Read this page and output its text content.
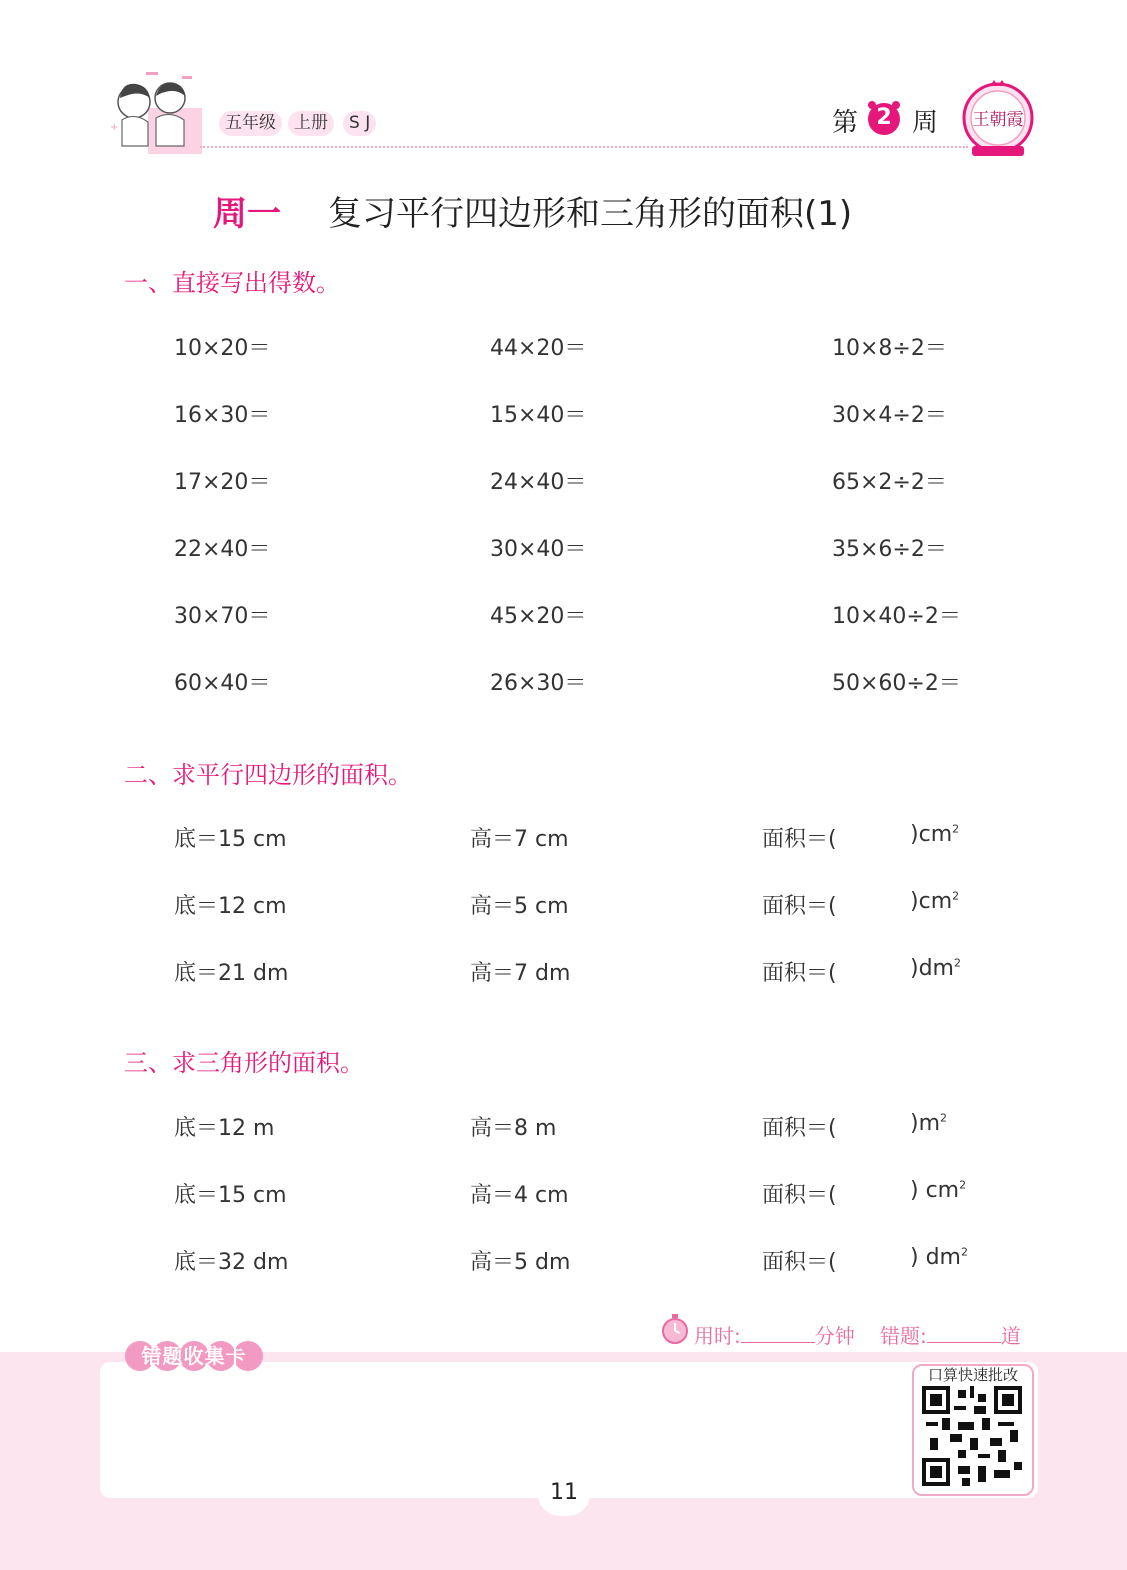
+	五年级	上册	S J	第 2 周 王朝霞
周一 复习平行四边形和三角形的面积(1)
一、直接写出得数。
10×20＝	44×20＝	10×8÷2＝
16×30＝	15×40＝	30×4÷2＝
17×20＝	24×40＝	65×2÷2＝
22×40＝	30×40＝	35×6÷2＝
30×70＝	45×20＝	10×40÷2＝
60×40＝	26×30＝	50×60÷2＝
二、求平行四边形的面积。
底＝15 cm	高＝7 cm	面积＝(	)$cm^2$
底＝12 cm	高＝5 cm	面积＝(	)$cm^2$
底＝21 dm	高＝7 dm	面积＝(	)$dm^2$
三、求三角形的面积。
底＝12 m	高＝8 m	面积＝(	)$m^2$
底＝15 cm	高＝4 cm	面积＝(	) $cm^2$
底＝32 dm	高＝5 dm	面积＝(	) $dm^2$
用时:	分钟 错题:	道
错题收集卡
口算快速批改
11
